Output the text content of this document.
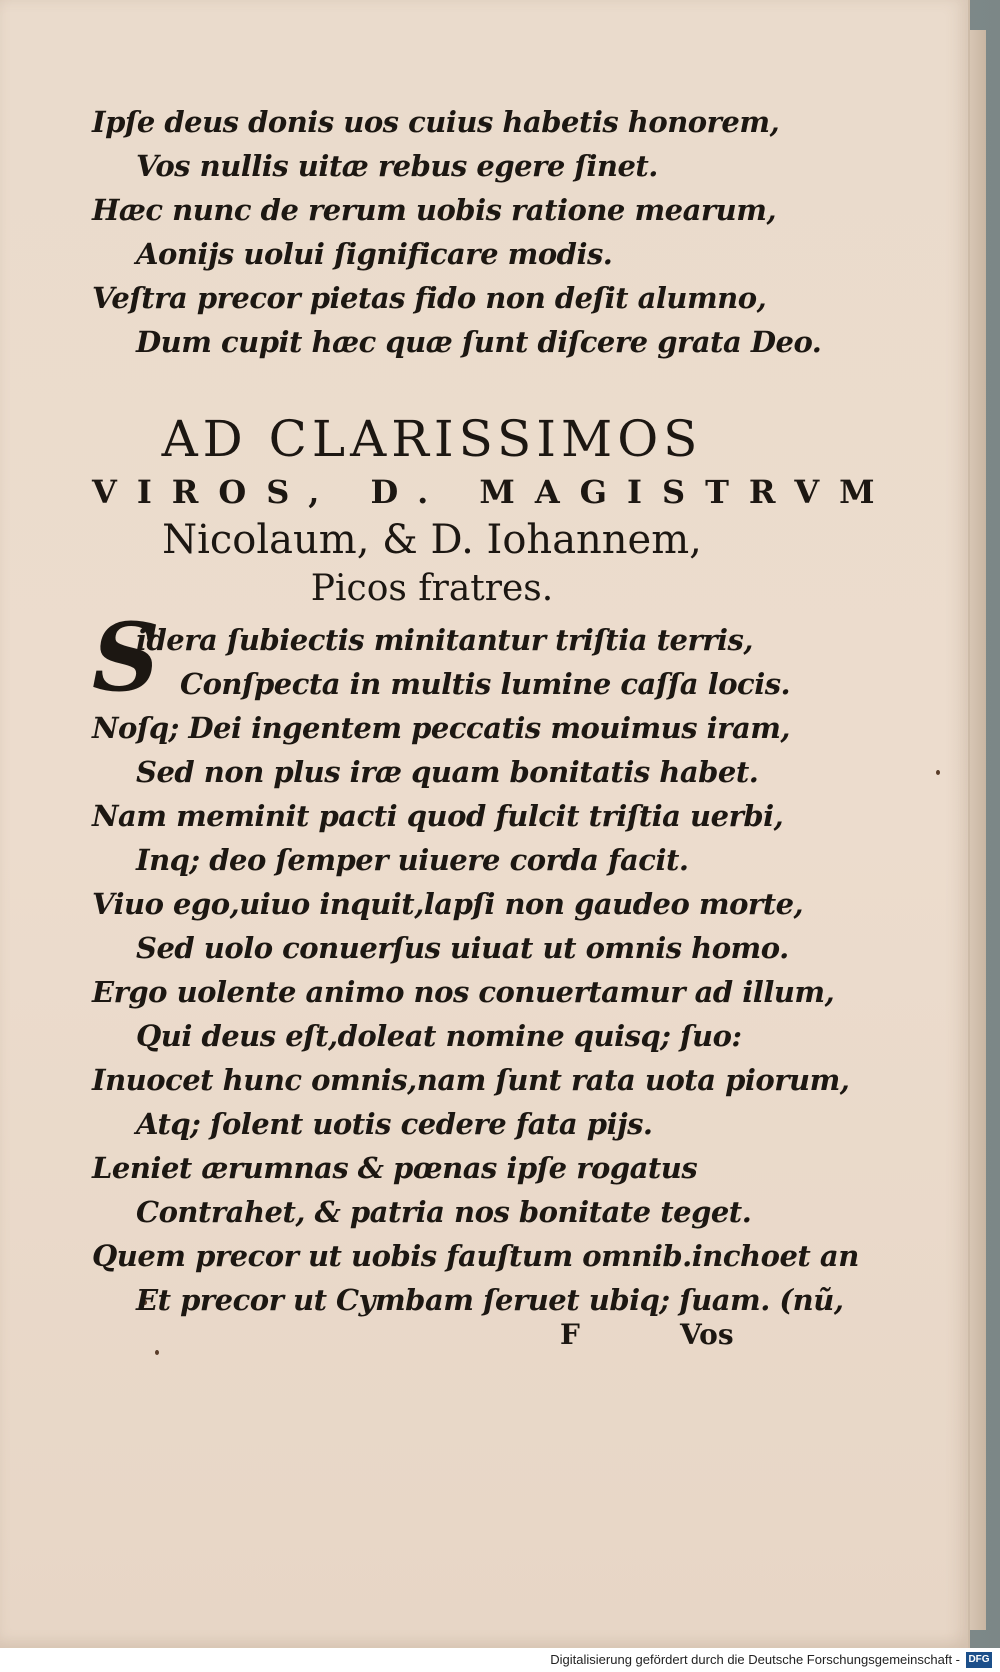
Ipſe deus donis uos cuius habetis honorem,
Vos nullis uitæ rebus egere ſinet.
Hæc nunc de rerum uobis ratione mearum,
Aonijs uolui ſignificare modis.
Veſtra precor pietas fido non deſit alumno,
Dum cupit hæc quæ ſunt diſcere grata Deo.
AD CLARISSIMOS
VIROS, D. MAGISTRVM
Nicolaum, & D. Iohannem,
Picos fratres.
S
idera ſubiectis minitantur triſtia terris,
Conſpecta in multis lumine caſſa locis.
Noſq; Dei ingentem peccatis mouimus iram,
Sed non plus iræ quam bonitatis habet.
Nam meminit pacti quod fulcit triſtia uerbi,
Inq; deo ſemper uiuere corda facit.
Viuo ego,uiuo inquit,lapſi non gaudeo morte,
Sed uolo conuerſus uiuat ut omnis homo.
Ergo uolente animo nos conuertamur ad illum,
Qui deus eſt,doleat nomine quisq; ſuo:
Inuocet hunc omnis,nam ſunt rata uota piorum,
Atq; ſolent uotis cedere fata pijs.
Leniet ærumnas & pœnas ipſe rogatus
Contrahet, & patria nos bonitate teget.
Quem precor ut uobis fauſtum omnib.inchoet an
Et precor ut Cymbam ſeruet ubiq; ſuam. (nũ,
F	Vos
Digitalisierung gefördert durch die Deutsche Forschungsgemeinschaft - DFG
